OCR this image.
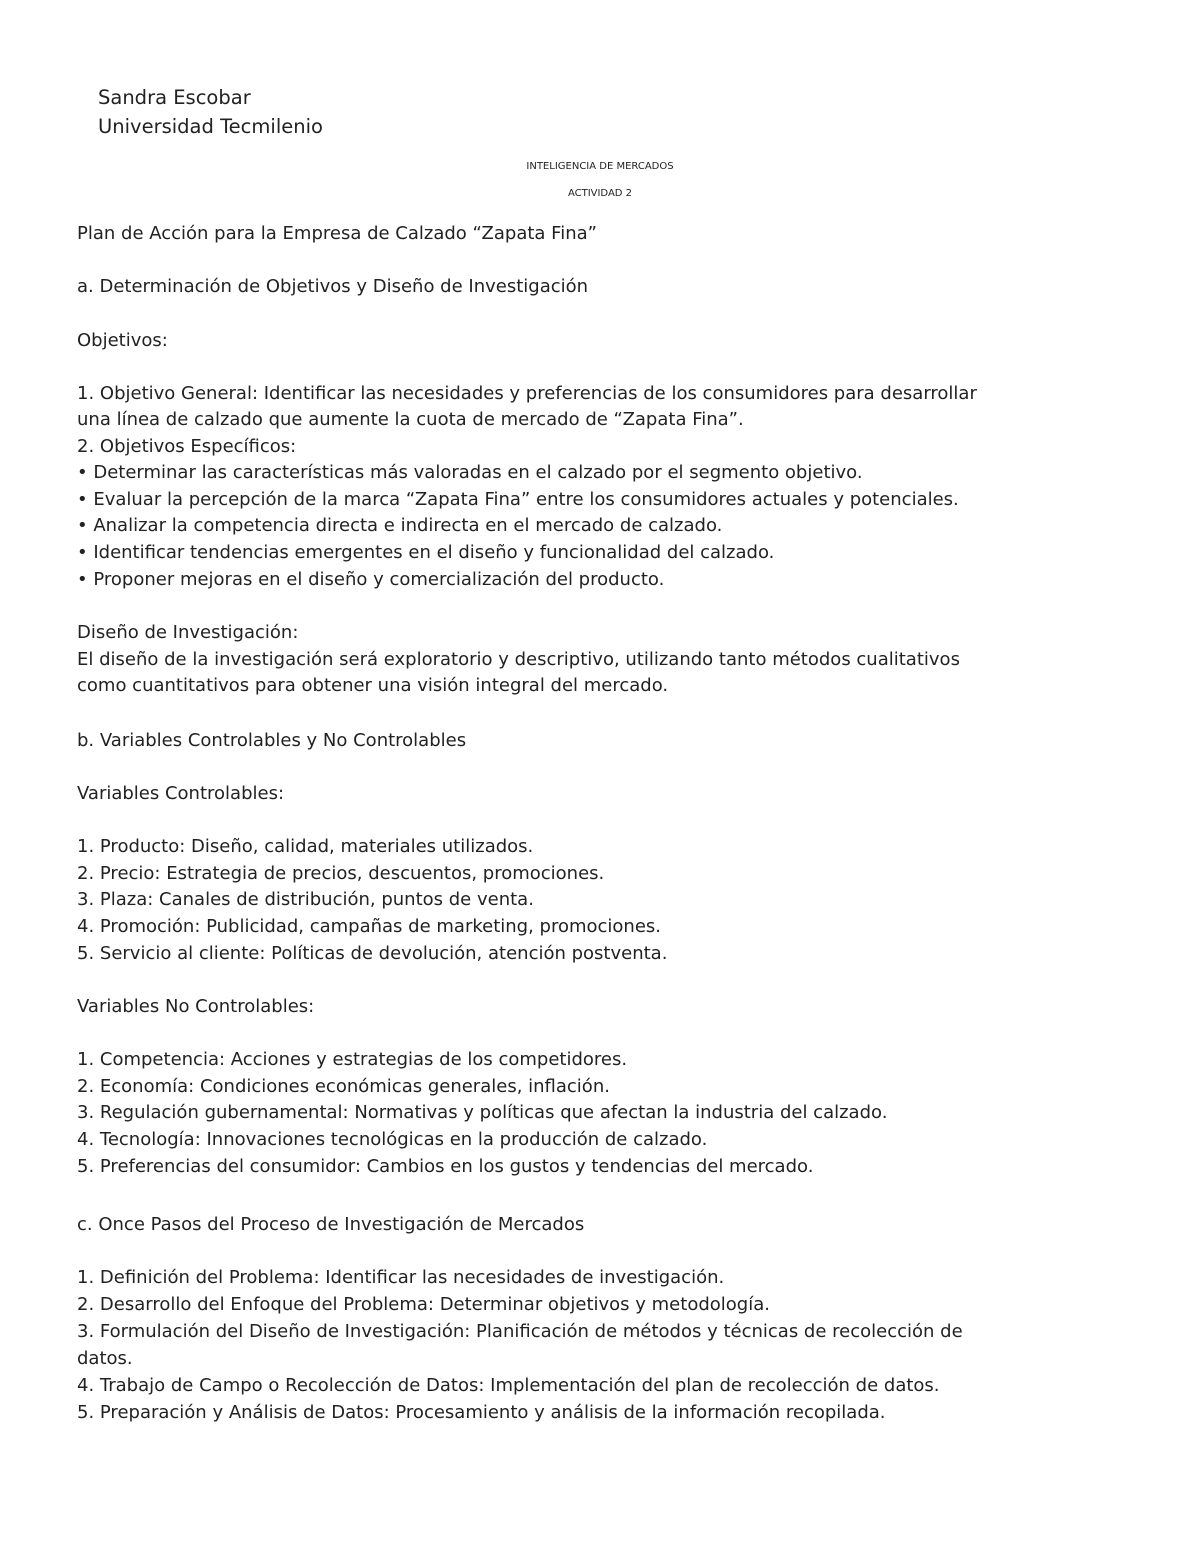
Sandra Escobar
Universidad Tecmilenio
INTELIGENCIA DE MERCADOS
ACTIVIDAD 2
Plan de Acción para la Empresa de Calzado “Zapata Fina”
a. Determinación de Objetivos y Diseño de Investigación
Objetivos:
1. Objetivo General: Identificar las necesidades y preferencias de los consumidores para desarrollar
una línea de calzado que aumente la cuota de mercado de “Zapata Fina”.
2. Objetivos Específicos:
• Determinar las características más valoradas en el calzado por el segmento objetivo.
• Evaluar la percepción de la marca “Zapata Fina” entre los consumidores actuales y potenciales.
• Analizar la competencia directa e indirecta en el mercado de calzado.
• Identificar tendencias emergentes en el diseño y funcionalidad del calzado.
• Proponer mejoras en el diseño y comercialización del producto.
Diseño de Investigación:
El diseño de la investigación será exploratorio y descriptivo, utilizando tanto métodos cualitativos
como cuantitativos para obtener una visión integral del mercado.
b. Variables Controlables y No Controlables
Variables Controlables:
1. Producto: Diseño, calidad, materiales utilizados.
2. Precio: Estrategia de precios, descuentos, promociones.
3. Plaza: Canales de distribución, puntos de venta.
4. Promoción: Publicidad, campañas de marketing, promociones.
5. Servicio al cliente: Políticas de devolución, atención postventa.
Variables No Controlables:
1. Competencia: Acciones y estrategias de los competidores.
2. Economía: Condiciones económicas generales, inflación.
3. Regulación gubernamental: Normativas y políticas que afectan la industria del calzado.
4. Tecnología: Innovaciones tecnológicas en la producción de calzado.
5. Preferencias del consumidor: Cambios en los gustos y tendencias del mercado.
c. Once Pasos del Proceso de Investigación de Mercados
1. Definición del Problema: Identificar las necesidades de investigación.
2. Desarrollo del Enfoque del Problema: Determinar objetivos y metodología.
3. Formulación del Diseño de Investigación: Planificación de métodos y técnicas de recolección de
datos.
4. Trabajo de Campo o Recolección de Datos: Implementación del plan de recolección de datos.
5. Preparación y Análisis de Datos: Procesamiento y análisis de la información recopilada.
